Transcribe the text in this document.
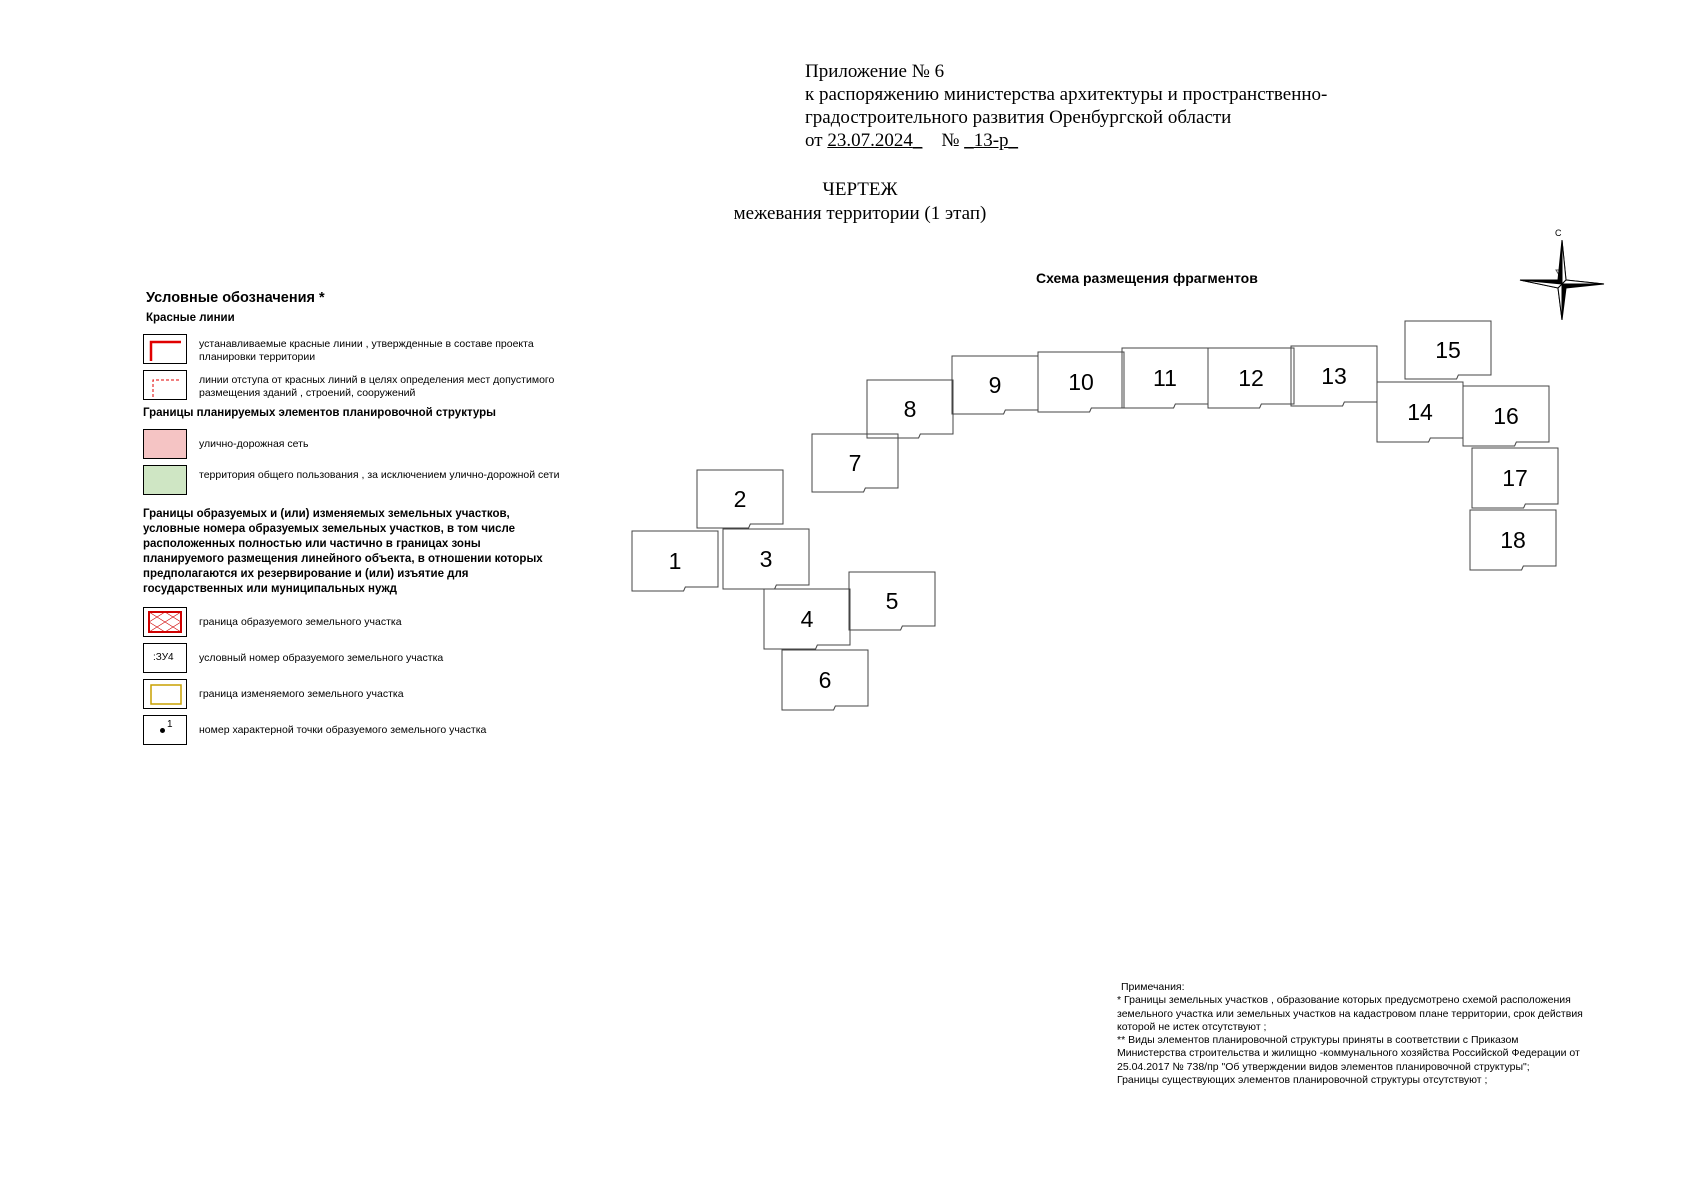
Приложение № 6
к распоряжению министерства архитектуры и пространственно-
градостроительного развития Оренбургской области
от 23.07.2024_ № _13-р_
ЧЕРТЕЖ
межевания территории (1 этап)
Условные обозначения *
Красные линии
устанавливаемые красные линии , утвержденные в составе проекта планировки территории
линии отступа от красных линий в целях определения мест допустимого размещения зданий , строений, сооружений
Границы планируемых элементов планировочной структуры
улично-дорожная сеть
территория общего пользования , за исключением улично-дорожной сети
Границы образуемых и (или) изменяемых земельных участков, условные номера образуемых земельных участков, в том числе расположенных полностью или частично в границах зоны планируемого размещения линейного объекта, в отношении которых предполагаются их резервирование и (или) изъятие для государственных или муниципальных нужд
граница образуемого земельного участка
:ЗУ4 условный номер образуемого земельного участка
граница изменяемого земельного участка
1	номер характерной точки образуемого земельного участка
Схема размещения фрагментов
С
1
2
3
4
5
6
7
8
9	10	11	12 13
14
15
16
17
18
Примечания:
* Границы земельных участков , образование которых предусмотрено схемой расположения земельного участка или земельных участков на кадастровом плане территории, срок действия которой не истек отсутствуют ;
** Виды элементов планировочной структуры приняты в соответствии с Приказом Министерства строительства и жилищно -коммунального хозяйства Российской Федерации от 25.04.2017 № 738/пр "Об утверждении видов элементов планировочной структуры";
Границы существующих элементов планировочной структуры отсутствуют ;
